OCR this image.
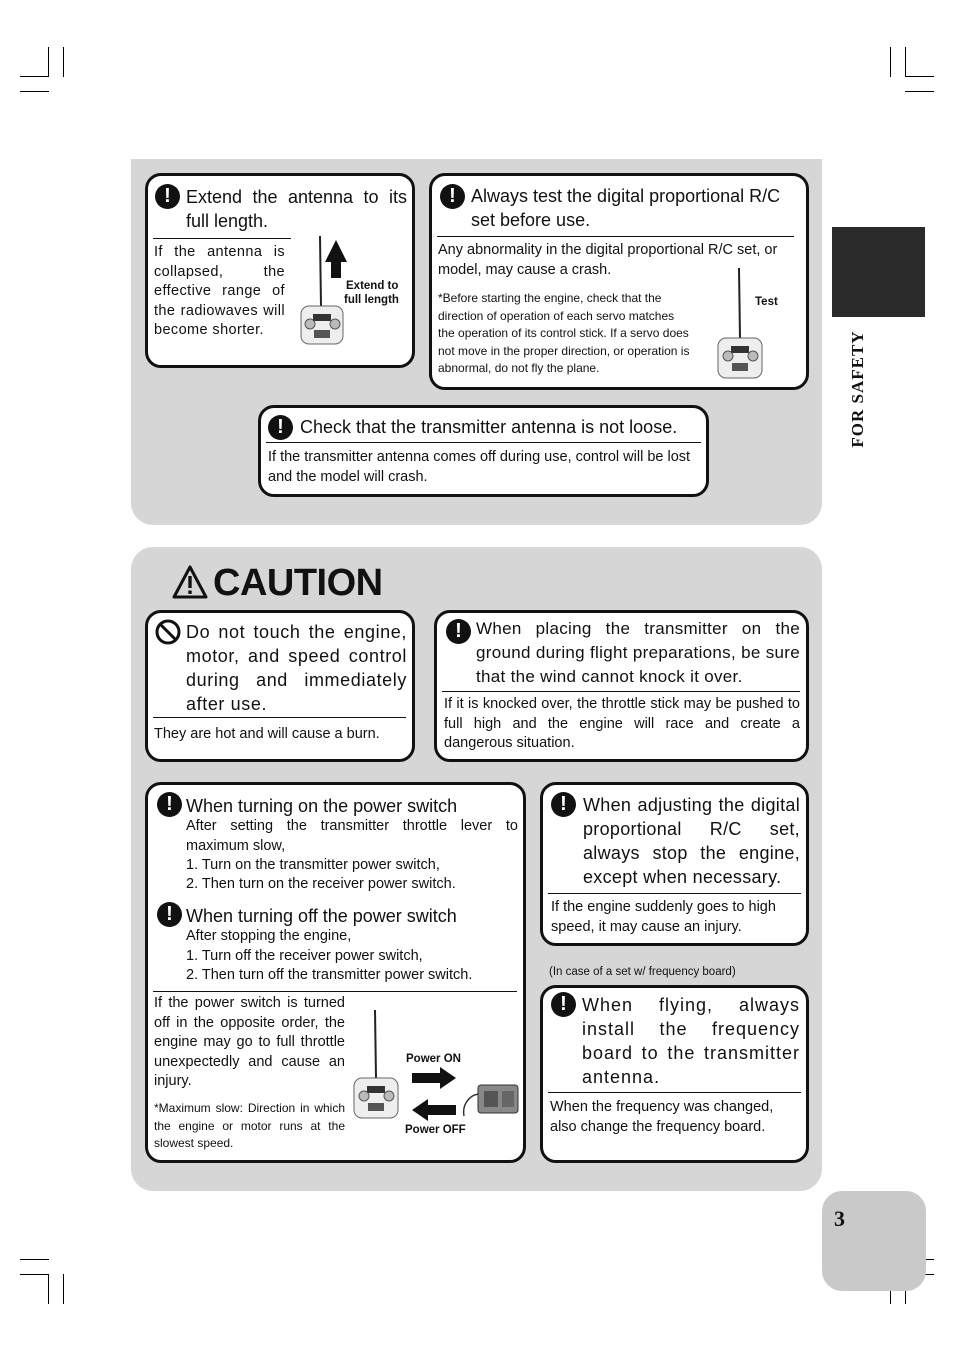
FOR SAFETY
3
! Extend the antenna to its full length.
If the antenna is collapsed, the effective range of the radiowaves will become shorter.
Extend to
full length
! Always test the digital proportional R/C set before use.
Any abnormality in the digital proportional R/C set, or model, may cause a crash.
*Before starting the engine, check that the direction of operation of each servo matches the operation of its control stick. If a servo does not move in the proper direction, or operation is abnormal, do not fly the plane.
Test
! Check that the transmitter antenna is not loose.
If the transmitter antenna comes off during use, control will be lost and the model will crash.
CAUTION
Do not touch the engine, motor, and speed control during and immediately after use.
They are hot and will cause a burn.
! When placing the transmitter on the ground during flight preparations, be sure that the wind cannot knock it over.
If it is knocked over, the throttle stick may be pushed to full high and the engine will race and create a dangerous situation.
! When turning on the power switch
After setting the transmitter throttle lever to maximum slow,
1. Turn on the transmitter power switch,
2. Then turn on the receiver power switch.
! When turning off the power switch
After stopping the engine,
1. Turn off the receiver power switch,
2. Then turn off the transmitter power switch.
If the power switch is turned off in the opposite order, the engine may go to full throttle unexpectedly and cause an injury.
*Maximum slow: Direction in which the engine or motor runs at the slowest speed.
Power ON
Power OFF
! When adjusting the digital proportional R/C set, always stop the engine, except when necessary.
If the engine suddenly goes to high speed, it may cause an injury.
(In case of a set w/ frequency board)
! When flying, always install the frequency board to the transmitter antenna.
When the frequency was changed, also change the frequency board.
